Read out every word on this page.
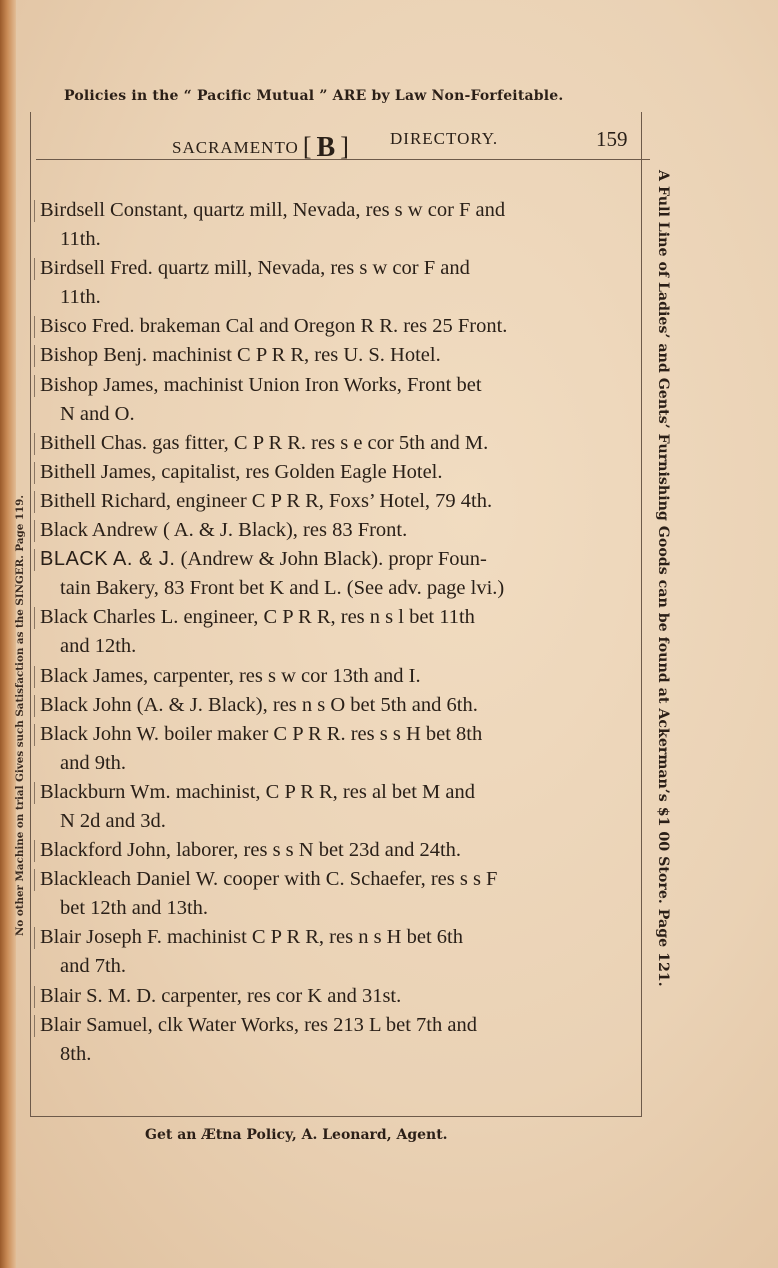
Policies in the “ Pacific Mutual ” ARE by Law Non-Forfeitable.
SACRAMENTO [ B ] DIRECTORY.	159
Birdsell Constant, quartz mill, Nevada, res s w cor F and
11th.
Birdsell Fred. quartz mill, Nevada, res s w cor F and
11th.
Bisco Fred. brakeman Cal and Oregon R R. res 25 Front.
Bishop Benj. machinist C P R R, res U. S. Hotel.
Bishop James, machinist Union Iron Works, Front bet
N and O.
Bithell Chas. gas fitter, C P R R. res s e cor 5th and M.
Bithell James, capitalist, res Golden Eagle Hotel.
Bithell Richard, engineer C P R R, Foxs’ Hotel, 79 4th.
Black Andrew ( A. & J. Black), res 83 Front.
BLACK A. & J. (Andrew & John Black). propr Foun-
tain Bakery, 83 Front bet K and L. (See adv. page lvi.)
Black Charles L. engineer, C P R R, res n s l bet 11th
and 12th.
Black James, carpenter, res s w cor 13th and I.
Black John (A. & J. Black), res n s O bet 5th and 6th.
Black John W. boiler maker C P R R. res s s H bet 8th
and 9th.
Blackburn Wm. machinist, C P R R, res al bet M and
N 2d and 3d.
Blackford John, laborer, res s s N bet 23d and 24th.
Blackleach Daniel W. cooper with C. Schaefer, res s s F
bet 12th and 13th.
Blair Joseph F. machinist C P R R, res n s H bet 6th
and 7th.
Blair S. M. D. carpenter, res cor K and 31st.
Blair Samuel, clk Water Works, res 213 L bet 7th and
8th.
A Full Line of Ladies’ and Gents’ Furnishing Goods can be found at Ackerman’s $1 00 Store. Page 121.
No other Machine on trial Gives such Satisfaction as the SINGER. Page 119.
Get an Ætna Policy, A. Leonard, Agent.
